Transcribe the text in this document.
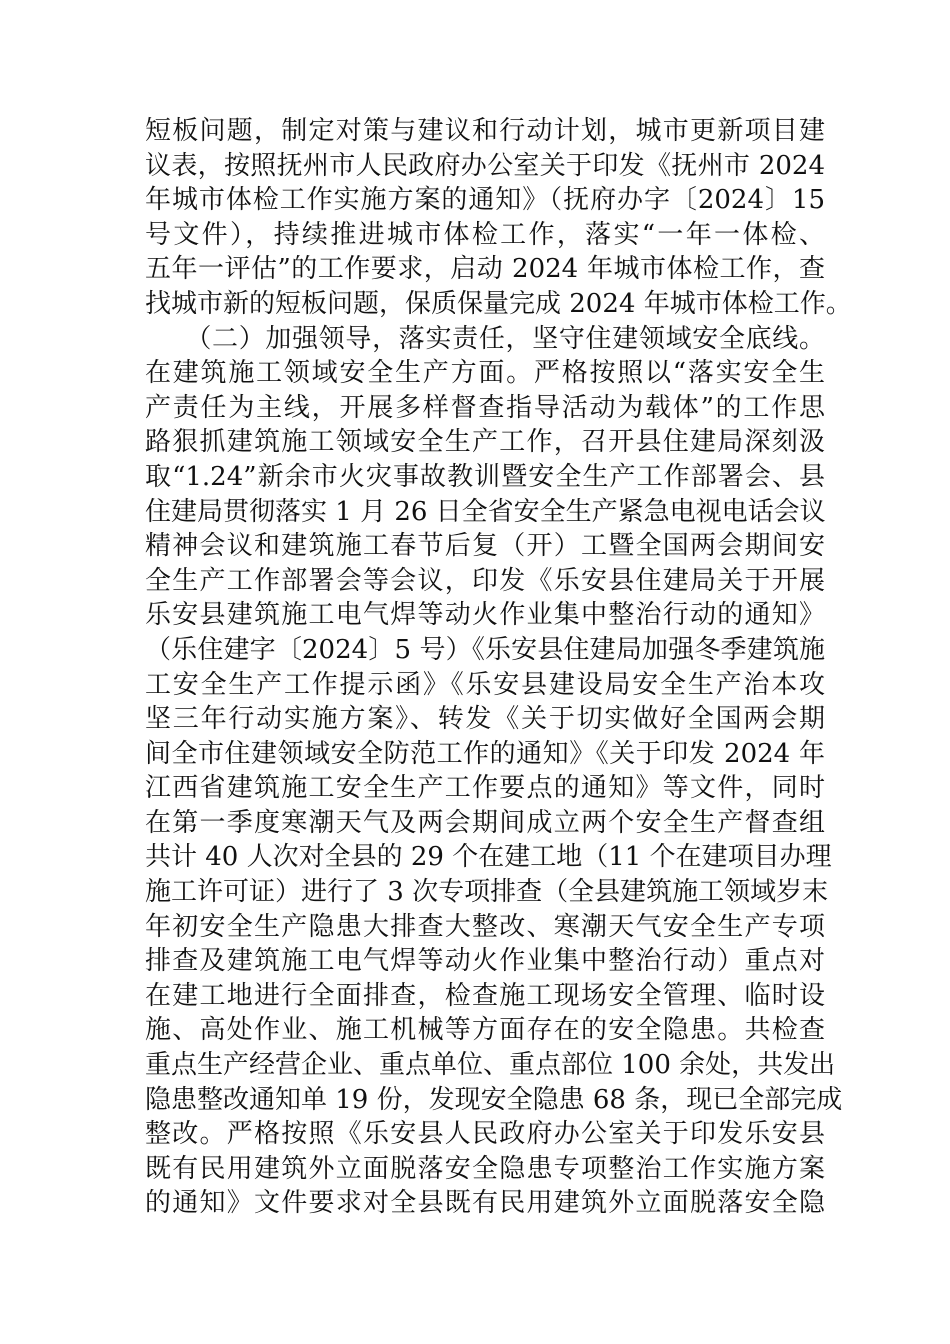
短板问题，制定对策与建议和行动计划，城市更新项目建
议表，按照抚州市人民政府办公室关于印发《抚州市 2024
年城市体检工作实施方案的通知》（抚府办字〔2024〕15
号文件），持续推进城市体检工作，落实“一年一体检、
五年一评估”的工作要求，启动 2024 年城市体检工作，查
找城市新的短板问题，保质保量完成 2024 年城市体检工作。
　　（二）加强领导，落实责任，坚守住建领域安全底线。
在建筑施工领域安全生产方面。严格按照以“落实安全生
产责任为主线，开展多样督查指导活动为载体”的工作思
路狠抓建筑施工领域安全生产工作，召开县住建局深刻汲
取“1.24”新余市火灾事故教训暨安全生产工作部署会、县
住建局贯彻落实 1 月 26 日全省安全生产紧急电视电话会议
精神会议和建筑施工春节后复（开）工暨全国两会期间安
全生产工作部署会等会议，印发《乐安县住建局关于开展
乐安县建筑施工电气焊等动火作业集中整治行动的通知》
（乐住建字〔2024〕5 号）《乐安县住建局加强冬季建筑施
工安全生产工作提示函》《乐安县建设局安全生产治本攻
坚三年行动实施方案》、转发《关于切实做好全国两会期
间全市住建领域安全防范工作的通知》《关于印发 2024 年
江西省建筑施工安全生产工作要点的通知》等文件，同时
在第一季度寒潮天气及两会期间成立两个安全生产督查组
共计 40 人次对全县的 29 个在建工地（11 个在建项目办理
施工许可证）进行了 3 次专项排查（全县建筑施工领域岁末
年初安全生产隐患大排查大整改、寒潮天气安全生产专项
排查及建筑施工电气焊等动火作业集中整治行动）重点对
在建工地进行全面排查，检查施工现场安全管理、临时设
施、高处作业、施工机械等方面存在的安全隐患。共检查
重点生产经营企业、重点单位、重点部位 100 余处，共发出
隐患整改通知单 19 份，发现安全隐患 68 条，现已全部完成
整改。严格按照《乐安县人民政府办公室关于印发乐安县
既有民用建筑外立面脱落安全隐患专项整治工作实施方案
的通知》文件要求对全县既有民用建筑外立面脱落安全隐
